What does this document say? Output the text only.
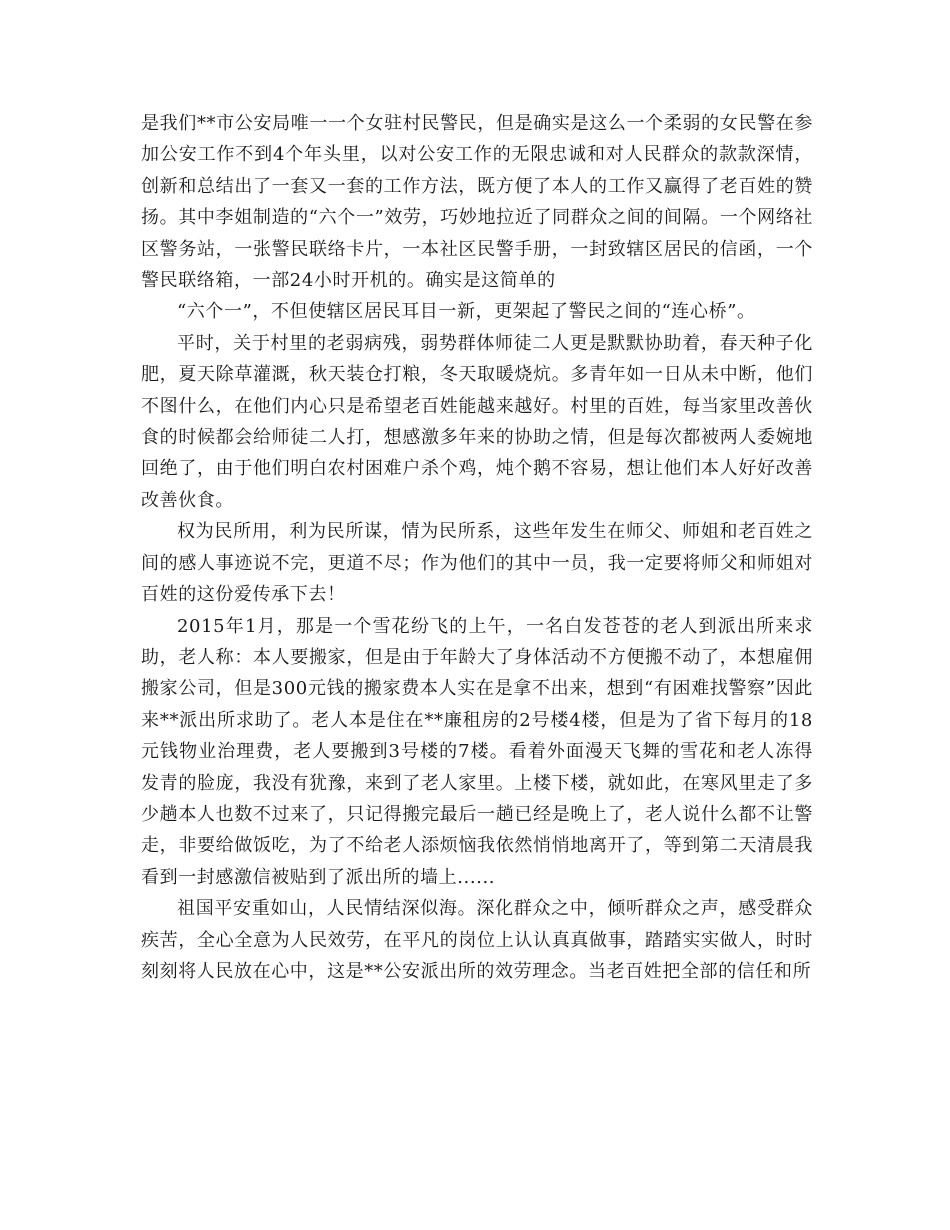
是我们**市公安局唯一一个女驻村民警民，但是确实是这么一个柔弱的女民警在参加公安工作不到4个年头里，以对公安工作的无限忠诚和对人民群众的款款深情，创新和总结出了一套又一套的工作方法，既方便了本人的工作又赢得了老百姓的赞扬。其中李姐制造的“六个一”效劳，巧妙地拉近了同群众之间的间隔。一个网络社区警务站，一张警民联络卡片，一本社区民警手册，一封致辖区居民的信函，一个警民联络箱，一部24小时开机的。确实是这简单的

“六个一”，不但使辖区居民耳目一新，更架起了警民之间的“连心桥”。

平时，关于村里的老弱病残，弱势群体师徒二人更是默默协助着，春天种子化肥，夏天除草灌溉，秋天装仓打粮，冬天取暖烧炕。多青年如一日从未中断，他们不图什么，在他们内心只是希望老百姓能越来越好。村里的百姓，每当家里改善伙食的时候都会给师徒二人打，想感激多年来的协助之情，但是每次都被两人委婉地回绝了，由于他们明白农村困难户杀个鸡，炖个鹅不容易，想让他们本人好好改善改善伙食。

权为民所用，利为民所谋，情为民所系，这些年发生在师父、师姐和老百姓之间的感人事迹说不完，更道不尽；作为他们的其中一员，我一定要将师父和师姐对百姓的这份爱传承下去！

2015年1月，那是一个雪花纷飞的上午，一名白发苍苍的老人到派出所来求助，老人称：本人要搬家，但是由于年龄大了身体活动不方便搬不动了，本想雇佣搬家公司，但是300元钱的搬家费本人实在是拿不出来，想到“有困难找警察”因此来**派出所求助了。老人本是住在**廉租房的2号楼4楼，但是为了省下每月的18元钱物业治理费，老人要搬到3号楼的7楼。看着外面漫天飞舞的雪花和老人冻得发青的脸庞，我没有犹豫，来到了老人家里。上楼下楼，就如此，在寒风里走了多少趟本人也数不过来了，只记得搬完最后一趟已经是晚上了，老人说什么都不让警走，非要给做饭吃，为了不给老人添烦恼我依然悄悄地离开了，等到第二天清晨我看到一封感激信被贴到了派出所的墙上......

祖国平安重如山，人民情结深似海。深化群众之中，倾听群众之声，感受群众疾苦，全心全意为人民效劳，在平凡的岗位上认认真真做事，踏踏实实做人，时时刻刻将人民放在心中，这是**公安派出所的效劳理念。当老百姓把全部的信任和所
